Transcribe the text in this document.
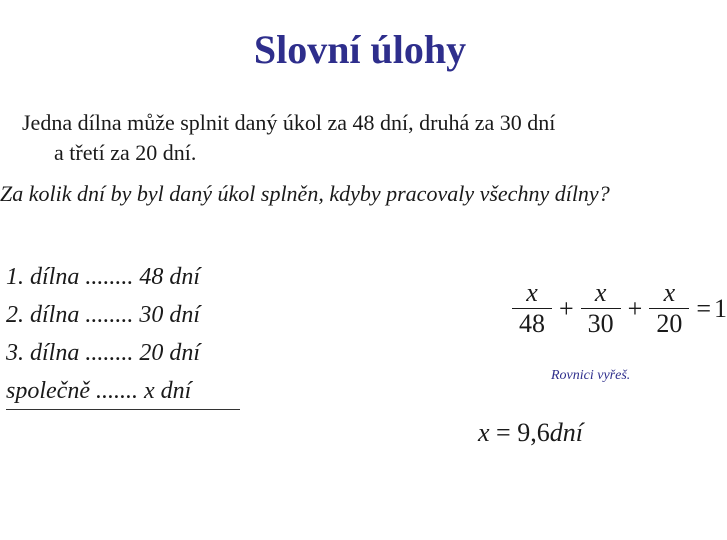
Slovní úlohy

Jedna dílna může splnit daný úkol za 48 dní, druhá za 30 dní
a třetí za 20 dní.

Za kolik dní by byl daný úkol splněn, kdyby pracovaly všechny dílny?

1. dílna ........ 48 dní
2. dílna ........ 30 dní
3. dílna ........ 20 dní
společně ....... x dní
$\frac{x}{48} + \frac{x}{30} + \frac{x}{20} = 1$

Rovnici vyřeš.

x = 9,6dní
